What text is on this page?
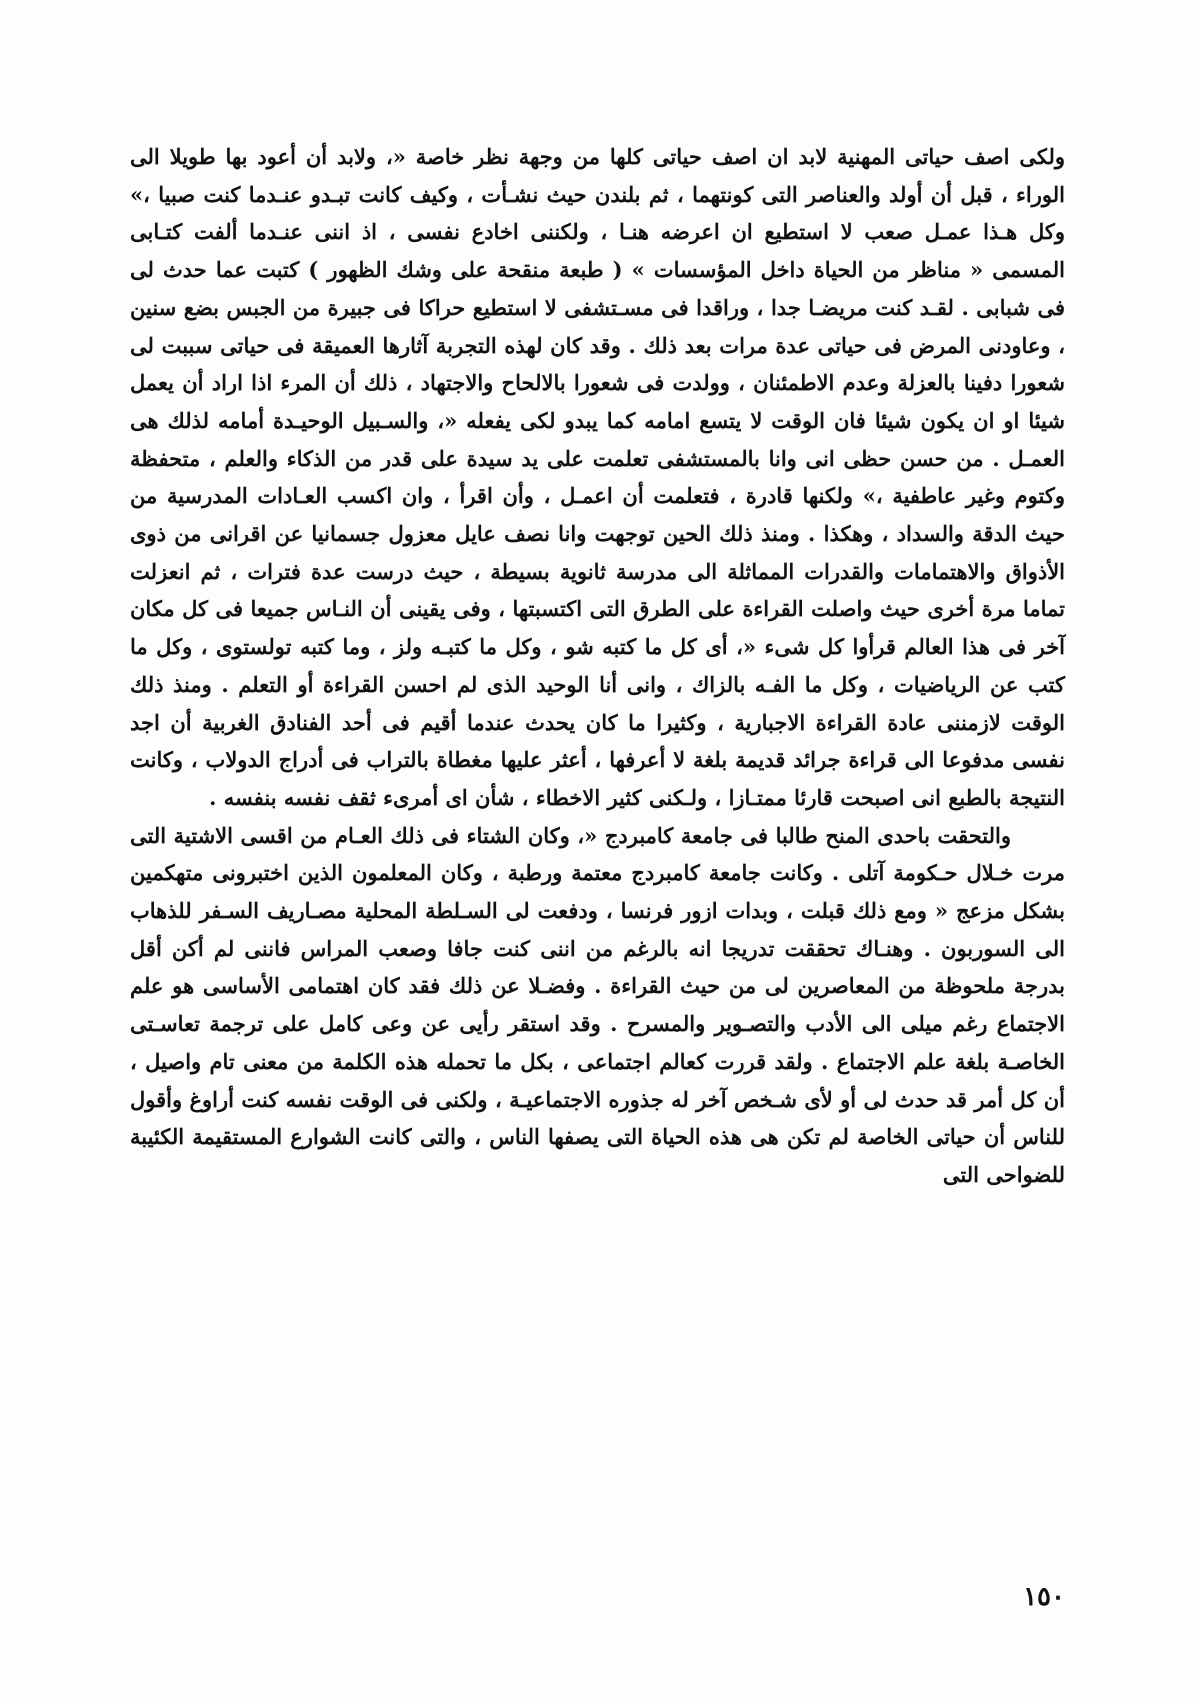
ولكى اصف حياتى المهنية لابد ان اصف حياتى كلها من وجهة نظر خاصة «، ولابد أن أعود بها طويلا الى الوراء ، قبل أن أولد والعناصر التى كونتهما ، ثم بلندن حيث نشـأت ، وكيف كانت تبـدو عنـدما كنت صبيا ،» وكل هـذا عمـل صعب لا استطيع ان اعرضه هنـا ، ولكننى اخادع نفسى ، اذ اننى عنـدما ألفت كتـابى المسمى « مناظر من الحياة داخل المؤسسات » ( طبعة منقحة على وشك الظهور ) كتبت عما حدث لى فى شبابى . لقـد كنت مريضـا جدا ، وراقدا فى مسـتشفى لا استطيع حراكا فى جبيرة من الجبس بضع سنين ، وعاودنى المرض فى حياتى عدة مرات بعد ذلك . وقد كان لهذه التجربة آثارها العميقة فى حياتى سببت لى شعورا دفينا بالعزلة وعدم الاطمئنان ، وولدت فى شعورا بالالحاح والاجتهاد ، ذلك أن المرء اذا اراد أن يعمل شيئا او ان يكون شيئا فان الوقت لا يتسع امامه كما يبدو لكى يفعله «، والسـبيل الوحيـدة أمامه لذلك هى العمـل . من حسن حظى انى وانا بالمستشفى تعلمت على يد سيدة على قدر من الذكاء والعلم ، متحفظة وكتوم وغير عاطفية ،» ولكنها قادرة ، فتعلمت أن اعمـل ، وأن اقرأ ، وان اكسب العـادات المدرسية من حيث الدقة والسداد ، وهكذا . ومنذ ذلك الحين توجهت وانا نصف عايل معزول جسمانيا عن اقرانى من ذوى الأذواق والاهتمامات والقدرات المماثلة الى مدرسة ثانوية بسيطة ، حيث درست عدة فترات ، ثم انعزلت تماما مرة أخرى حيث واصلت القراءة على الطرق التى اكتسبتها ، وفى يقينى أن النـاس جميعا فى كل مكان آخر فى هذا العالم قرأوا كل شىء «، أى كل ما كتبه شو ، وكل ما كتبـه ولز ، وما كتبه تولستوى ، وكل ما كتب عن الرياضيات ، وكل ما الفـه بالزاك ، وانى أنا الوحيد الذى لم احسن القراءة أو التعلم . ومنذ ذلك الوقت لازمننى عادة القراءة الاجبارية ، وكثيرا ما كان يحدث عندما أقيم فى أحد الفنادق الغربية أن اجد نفسى مدفوعا الى قراءة جرائد قديمة بلغة لا أعرفها ، أعثر عليها مغطاة بالتراب فى أدراج الدولاب ، وكانت النتيجة بالطبع انى اصبحت قارئا ممتـازا ، ولـكنى كثير الاخطاء ، شأن اى أمرىء ثقف نفسه بنفسه .

والتحقت باحدى المنح طالبا فى جامعة كامبردج «، وكان الشتاء فى ذلك العـام من اقسى الاشتية التى مرت خـلال حـكومة آتلى . وكانت جامعة كامبردج معتمة ورطبة ، وكان المعلمون الذين اختبرونى متهكمين بشكل مزعج « ومع ذلك قبلت ، وبدات ازور فرنسا ، ودفعت لى السـلطة المحلية مصـاريف السـفر للذهاب الى السوربون . وهنـاك تحققت تدريجا انه بالرغم من اننى كنت جافا وصعب المراس فاننى لم أكن أقل بدرجة ملحوظة من المعاصرين لى من حيث القراءة . وفضـلا عن ذلك فقد كان اهتمامى الأساسى هو علم الاجتماع رغم ميلى الى الأدب والتصـوير والمسرح . وقد استقر رأيى عن وعى كامل على ترجمة تعاسـتى الخاصـة بلغة علم الاجتماع . ولقد قررت كعالم اجتماعى ، بكل ما تحمله هذه الكلمة من معنى تام واصيل ، أن كل أمر قد حدث لى أو لأى شـخص آخر له جذوره الاجتماعيـة ، ولكنى فى الوقت نفسه كنت أراوغ وأقول للناس أن حياتى الخاصة لم تكن هى هذه الحياة التى يصفها الناس ، والتى كانت الشوارع المستقيمة الكئيبة للضواحى التى

١٥٠
